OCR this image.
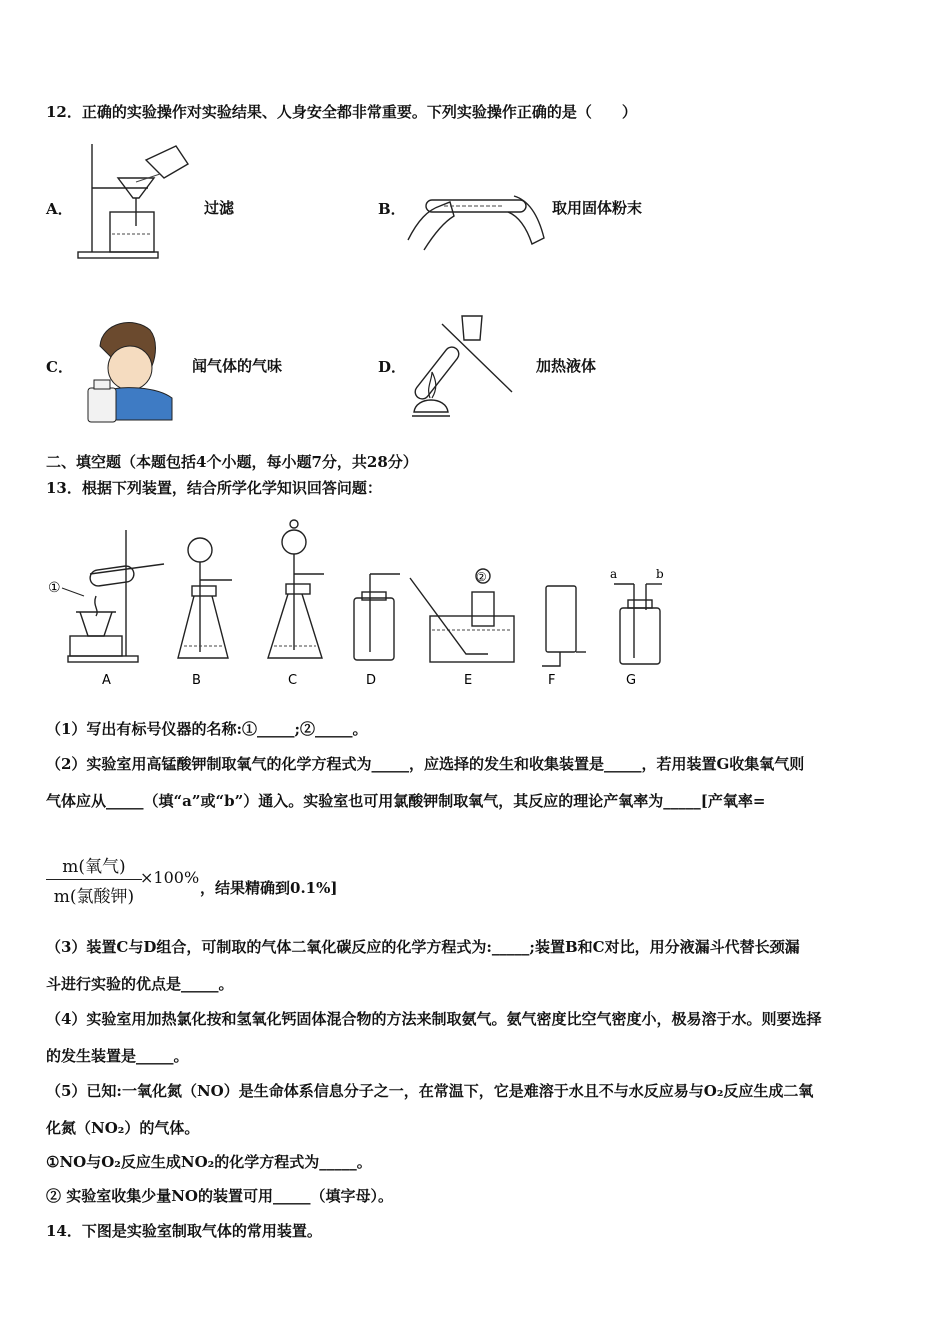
12．正确的实验操作对实验结果、人身安全都非常重要。下列实验操作正确的是（　　）
A．	过滤	B．	取用固体粉末
C．	闻气体的气味	D．	加热液体
二、填空题（本题包括4个小题，每小题7分，共28分）
13．根据下列装置，结合所学化学知识回答问题：
①
②	a	b
A	B	C	D	E	F	G
（1）写出有标号仪器的名称:①_____;②_____。
（2）实验室用高锰酸钾制取氧气的化学方程式为_____，应选择的发生和收集装置是_____，若用装置G收集氧气则
气体应从_____（填“a”或“b”）通入。实验室也可用氯酸钾制取氧气，其反应的理论产氧率为_____[产氧率=
m(氧气)
m(氯酸钾)
×100%
，结果精确到0.1%]
（3）装置C与D组合，可制取的气体二氧化碳反应的化学方程式为:_____;装置B和C对比，用分液漏斗代替长颈漏
斗进行实验的优点是_____。
（4）实验室用加热氯化按和氢氧化钙固体混合物的方法来制取氨气。氨气密度比空气密度小，极易溶于水。则要选择
的发生装置是_____。
（5）已知:一氧化氮（NO）是生命体系信息分子之一，在常温下，它是难溶于水且不与水反应易与O₂反应生成二氧
化氮（NO₂）的气体。
①NO与O₂反应生成NO₂的化学方程式为_____。
② 实验室收集少量NO的装置可用_____（填字母）。
14．下图是实验室制取气体的常用装置。
